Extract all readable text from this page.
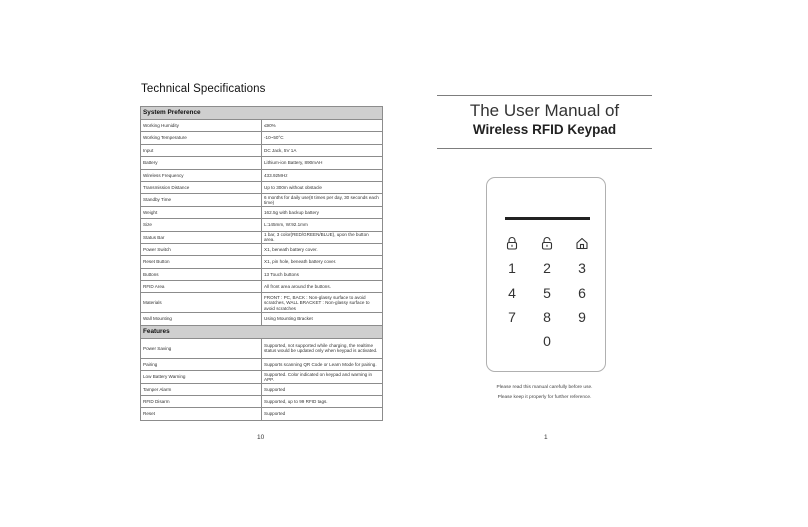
Technical Specifications
System Preference	
Working Humidity	≤90%
Working Temperature	-10~50°C
Input	DC Jack, 5V 1A
Battery	Lithium-ion Battery, 890mAH
Wireless Frequency	433.92MHz
Transmission Distance	Up to 300m without obstacle
Standby Time	6 months for daily use(8 times per day, 30 seconds each time)
Weight	162.5g with backup battery
Size	L:145mm, W:92.1mm
Status Bar	1 bar, 3 color(RED/GREEN/BLUE), upon the button area.
Power Switch	X1, beneath battery cover.
Reset Button	X1, pin hole, beneath battery cover.
Buttons	13 Touch buttons
RFID Area	All front area around the buttons.
Materials	FRONT : PC, BACK : Non-glassy surface to avoid scratches, WALL BRACKET : Non-glassy surface to avoid scratches
Wall Mounting	Using Mounting Bracket
Features	
Power Saving	Supported, not supported while charging, the realtime status would be updated only when keypad is activated.
Pairing	Supports scanning QR Code or Learn Mode for pairing.
Low Battery Warning	Supported. Color indicated on keypad and warning in APP.
Tamper Alarm	Supported
RFID Disarm	Supported, up to 99 RFID tags.
Reset	Supported
10
The User Manual of
Wireless RFID Keypad
1	2	3
4	5	6
7	8	9
0
Please read this manual carefully before use.
Please keep it properly for further reference.
1
